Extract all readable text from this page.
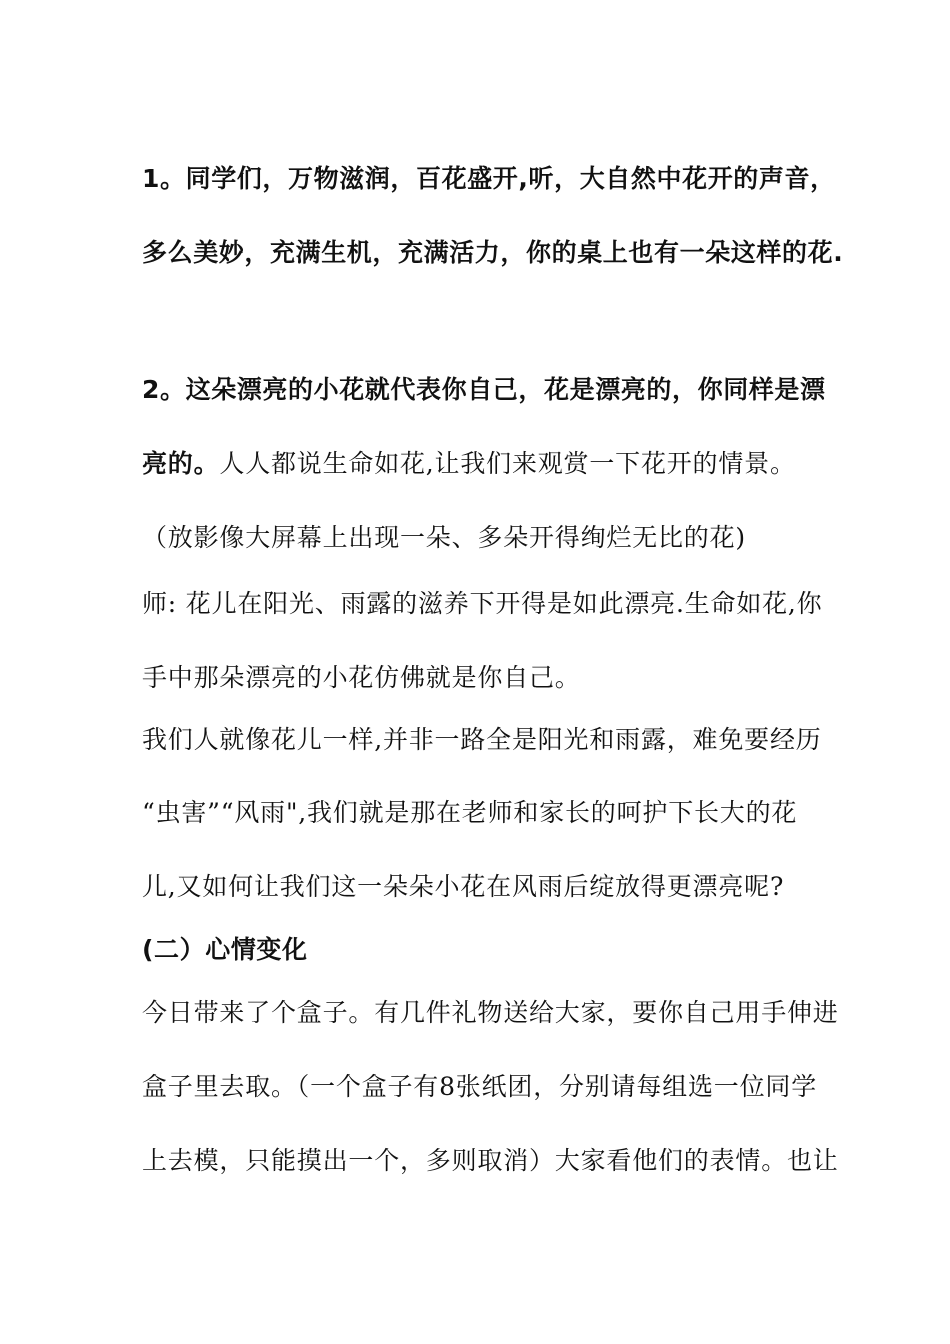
1。同学们，万物滋润，百花盛开,听，大自然中花开的声音，
多么美妙，充满生机，充满活力，你的桌上也有一朵这样的花.
2。这朵漂亮的小花就代表你自己，花是漂亮的，你同样是漂
亮的。人人都说生命如花,让我们来观赏一下花开的情景。
（放影像大屏幕上出现一朵、多朵开得绚烂无比的花)
师: 花儿在阳光、雨露的滋养下开得是如此漂亮.生命如花,你
手中那朵漂亮的小花仿佛就是你自己。
我们人就像花儿一样,并非一路全是阳光和雨露，难免要经历
“虫害”“风雨",我们就是那在老师和家长的呵护下长大的花
儿,又如何让我们这一朵朵小花在风雨后绽放得更漂亮呢?
(二）心情变化
今日带来了个盒子。有几件礼物送给大家，要你自己用手伸进
盒子里去取。（一个盒子有8张纸团，分别请每组选一位同学
上去模，只能摸出一个，多则取消）大家看他们的表情。也让
